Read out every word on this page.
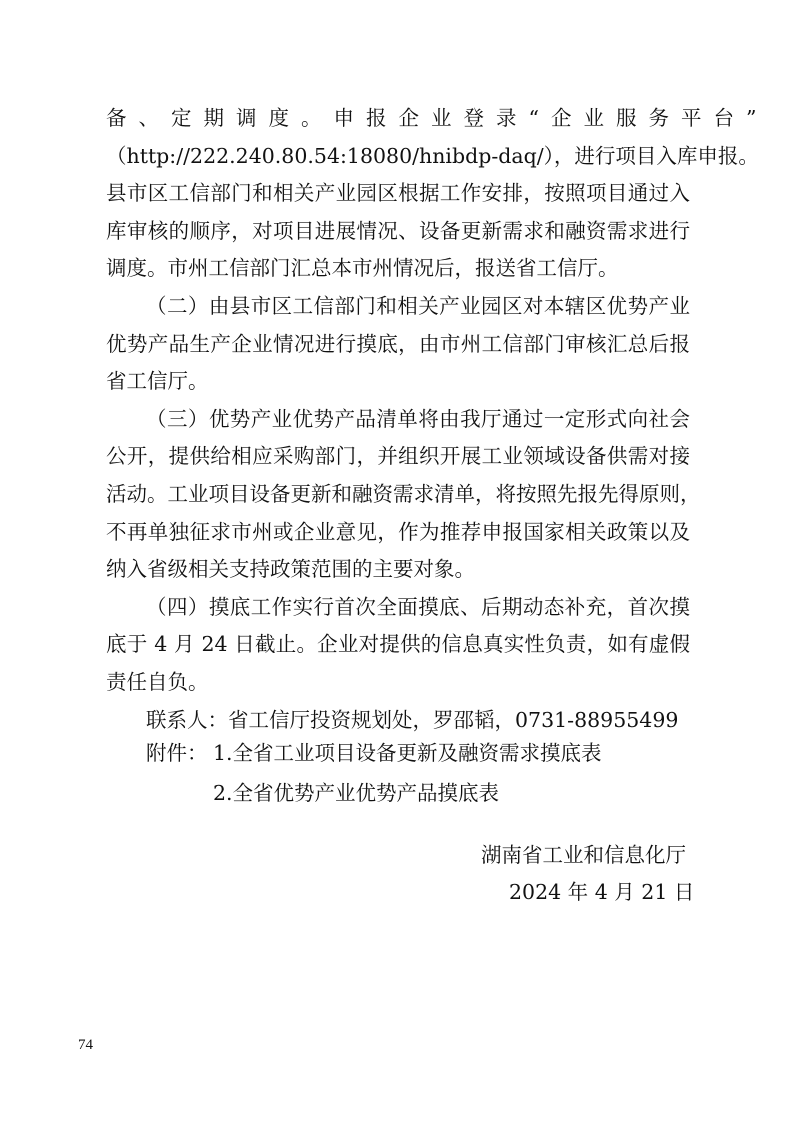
备、定期调度。申报企业登录“企业服务平台”
（http://222.240.80.54:18080/hnibdp-daq/），进行项目入库申报。
县市区工信部门和相关产业园区根据工作安排，按照项目通过入
库审核的顺序，对项目进展情况、设备更新需求和融资需求进行
调度。市州工信部门汇总本市州情况后，报送省工信厅。
（二）由县市区工信部门和相关产业园区对本辖区优势产业
优势产品生产企业情况进行摸底，由市州工信部门审核汇总后报
省工信厅。
（三）优势产业优势产品清单将由我厅通过一定形式向社会
公开，提供给相应采购部门，并组织开展工业领域设备供需对接
活动。工业项目设备更新和融资需求清单，将按照先报先得原则，
不再单独征求市州或企业意见，作为推荐申报国家相关政策以及
纳入省级相关支持政策范围的主要对象。
（四）摸底工作实行首次全面摸底、后期动态补充，首次摸
底于 4 月 24 日截止。企业对提供的信息真实性负责，如有虚假
责任自负。
联系人：省工信厅投资规划处，罗邵韬，0731-88955499
附件： 1.全省工业项目设备更新及融资需求摸底表
2.全省优势产业优势产品摸底表
湖南省工业和信息化厅
2024 年 4 月 21 日
74
